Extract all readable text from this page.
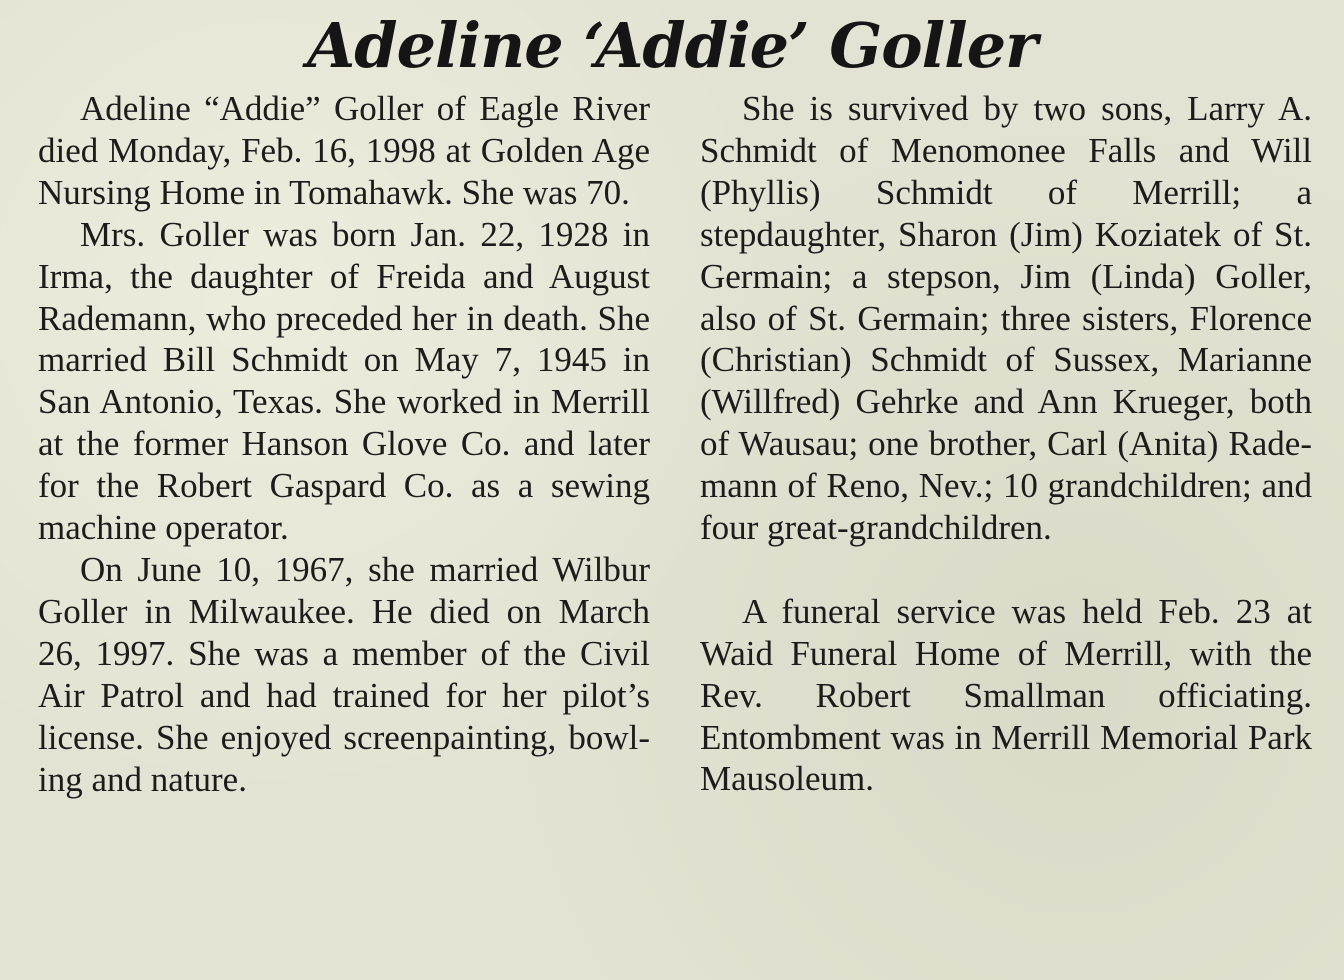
Adeline ‘Addie’ Goller

Adeline “Addie” Goller of Eagle River died Monday, Feb. 16, 1998 at Golden Age Nursing Home in Tomahawk. She was 70.

Mrs. Goller was born Jan. 22, 1928 in Irma, the daughter of Freida and August Rademann, who preceded her in death. She married Bill Schmidt on May 7, 1945 in San Antonio, Texas. She worked in Merrill at the former Hanson Glove Co. and later for the Robert Gaspard Co. as a sewing machine operator.

On June 10, 1967, she married Wilbur Goller in Milwaukee. He died on March 26, 1997. She was a member of the Civil Air Patrol and had trained for her pilot’s license. She enjoyed screenpainting, bowling and nature.

She is survived by two sons, Larry A. Schmidt of Menomonee Falls and Will (Phyllis) Schmidt of Merrill; a stepdaughter, Sharon (Jim) Koziatek of St. Germain; a stepson, Jim (Linda) Goller, also of St. Germain; three sisters, Florence (Christian) Schmidt of Sussex, Marianne (Willfred) Gehrke and Ann Krueger, both of Wausau; one brother, Carl (Anita) Rademann of Reno, Nev.; 10 grandchildren; and four great-grandchildren.

A funeral service was held Feb. 23 at Waid Funeral Home of Merrill, with the Rev. Robert Smallman officiating. Entombment was in Merrill Memorial Park Mausoleum.
